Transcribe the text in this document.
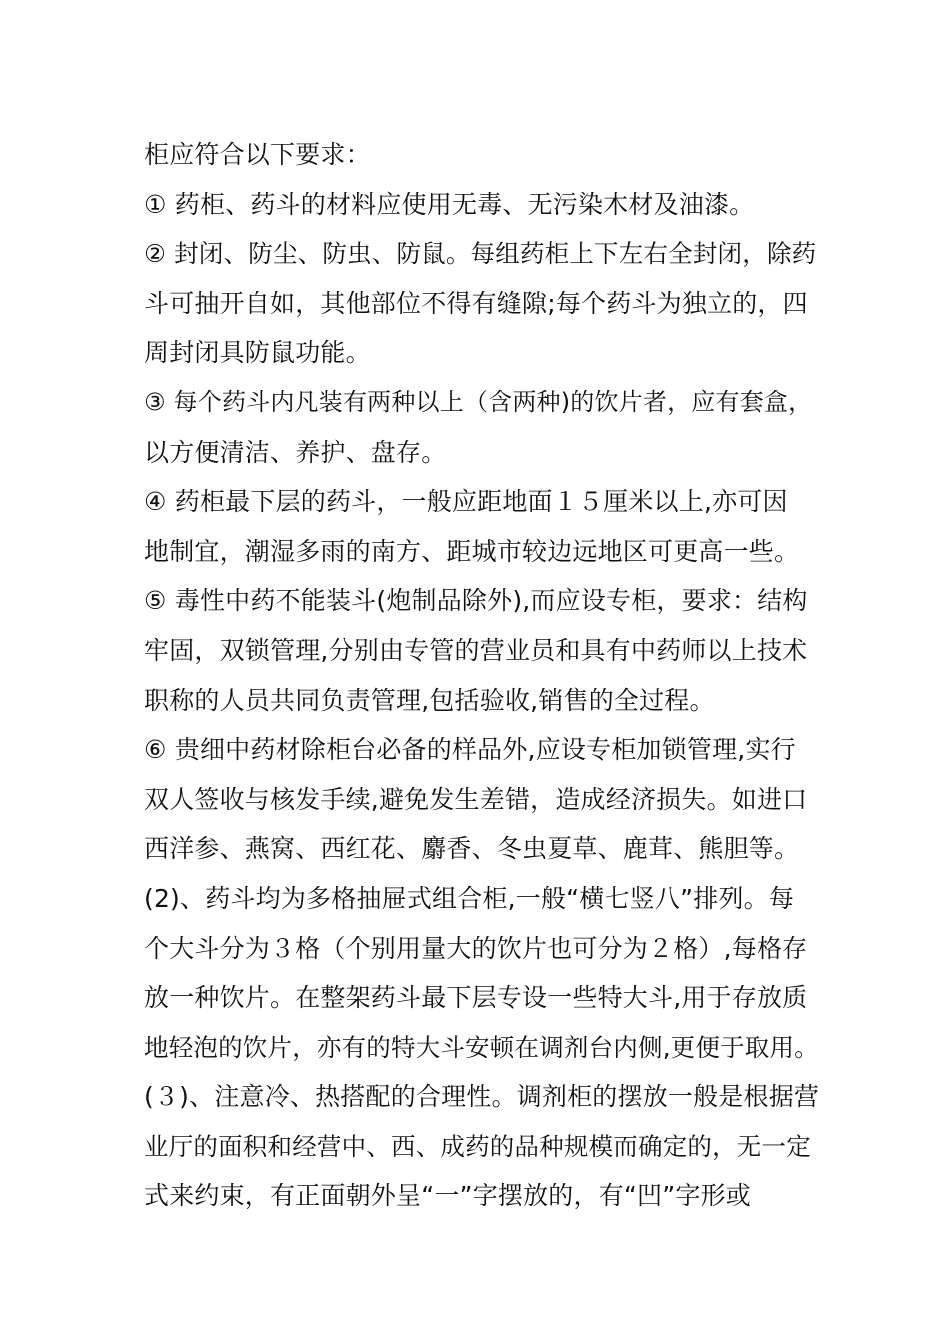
柜应符合以下要求：
① 药柜、药斗的材料应使用无毒、无污染木材及油漆。
② 封闭、防尘、防虫、防鼠。每组药柜上下左右全封闭，除药
斗可抽开自如，其他部位不得有缝隙;每个药斗为独立的，四
周封闭具防鼠功能。
③ 每个药斗内凡装有两种以上（含两种)的饮片者，应有套盒，
以方便清洁、养护、盘存。
④ 药柜最下层的药斗，一般应距地面１５厘米以上,亦可因
地制宜，潮湿多雨的南方、距城市较边远地区可更高一些。
⑤ 毒性中药不能装斗(炮制品除外),而应设专柜，要求：结构
牢固，双锁管理,分别由专管的营业员和具有中药师以上技术
职称的人员共同负责管理,包括验收,销售的全过程。
⑥ 贵细中药材除柜台必备的样品外,应设专柜加锁管理,实行
双人签收与核发手续,避免发生差错，造成经济损失。如进口
西洋参、燕窝、西红花、麝香、冬虫夏草、鹿茸、熊胆等。
(2)、药斗均为多格抽屉式组合柜,一般“横七竖八”排列。每
个大斗分为３格（个别用量大的饮片也可分为２格）,每格存
放一种饮片。在整架药斗最下层专设一些特大斗,用于存放质
地轻泡的饮片，亦有的特大斗安顿在调剂台内侧,更便于取用。
(３)、注意冷、热搭配的合理性。调剂柜的摆放一般是根据营
业厅的面积和经营中、西、成药的品种规模而确定的，无一定
式来约束，有正面朝外呈“一”字摆放的，有“凹”字形或
